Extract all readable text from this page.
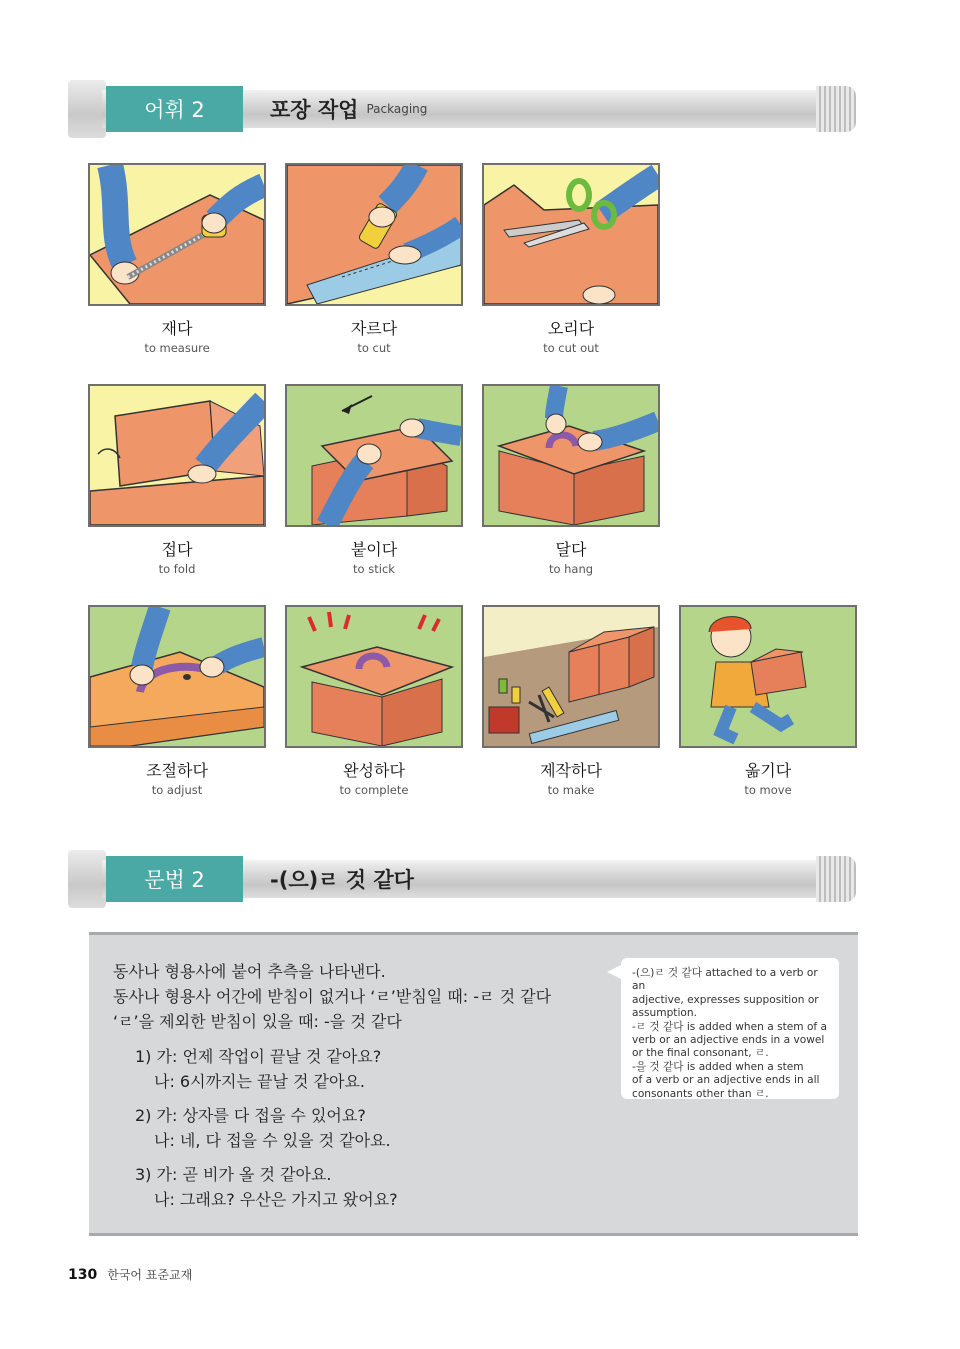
어휘 2	포장 작업 Packaging
재다
to measure
자르다
to cut
오리다
to cut out
접다
to fold
붙이다
to stick
달다
to hang
조절하다
to adjust
완성하다
to complete
제작하다
to make
옮기다
to move
문법 2	-(으)ㄹ 것 같다
동사나 형용사에 붙어 추측을 나타낸다.
동사나 형용사 어간에 받침이 없거나 ‘ㄹ’받침일 때: -ㄹ 것 같다
‘ㄹ’을 제외한 받침이 있을 때: -을 것 같다
1) 가: 언제 작업이 끝날 것 같아요?
나: 6시까지는 끝날 것 같아요.
2) 가: 상자를 다 접을 수 있어요?
나: 네, 다 접을 수 있을 것 같아요.
3) 가: 곧 비가 올 것 같아요.
나: 그래요? 우산은 가지고 왔어요?
-(으)ㄹ 것 같다 attached to a verb or an
adjective, expresses supposition or
assumption.
-ㄹ 것 같다 is added when a stem of a
verb or an adjective ends in a vowel
or the final consonant, ㄹ.
-을 것 같다 is added when a stem
of a verb or an adjective ends in all
consonants other than ㄹ.
130 한국어 표준교재
